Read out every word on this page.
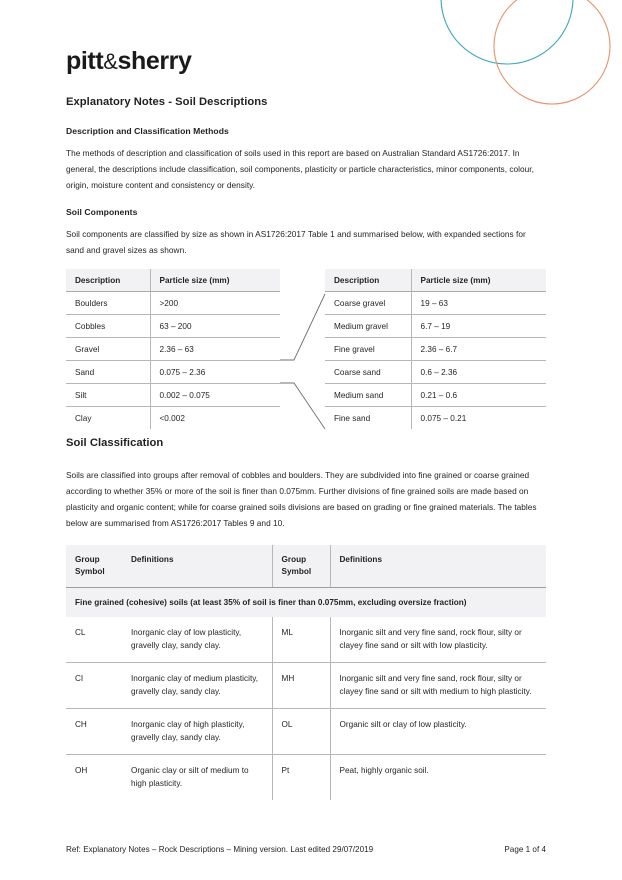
pitt&sherry
Explanatory Notes - Soil Descriptions
Description and Classification Methods

The methods of description and classification of soils used in this report are based on Australian Standard AS1726:2017. In general, the descriptions include classification, soil components, plasticity or particle characteristics, minor components, colour, origin, moisture content and consistency or density.

Soil Components

Soil components are classified by size as shown in AS1726:2017 Table 1 and summarised below, with expanded sections for sand and gravel sizes as shown.

Description	Particle size (mm)
Boulders	>200
Cobbles	63 – 200
Gravel	2.36 – 63
Sand	0.075 – 2.36
Silt	0.002 – 0.075
Clay	<0.002
Description	Particle size (mm)
Coarse gravel	19 – 63
Medium gravel	6.7 – 19
Fine gravel	2.36 – 6.7
Coarse sand	0.6 – 2.36
Medium sand	0.21 – 0.6
Fine sand	0.075 – 0.21
Soil Classification

Soils are classified into groups after removal of cobbles and boulders. They are subdivided into fine grained or coarse grained according to whether 35% or more of the soil is finer than 0.075mm. Further divisions of fine grained soils are made based on plasticity and organic content; while for coarse grained soils divisions are based on grading or fine grained materials. The tables below are summarised from AS1726:2017 Tables 9 and 10.

Fine grained (cohesive) soils (at least 35% of soil is finer than 0.075mm, excluding oversize fraction)			
Group Symbol	Definitions	Group Symbol	Definitions
CL	Inorganic clay of low plasticity, gravelly clay, sandy clay.	ML	Inorganic silt and very fine sand, rock flour, silty or clayey fine sand or silt with low plasticity.
CI	Inorganic clay of medium plasticity, gravelly clay, sandy clay.	MH	Inorganic silt and very fine sand, rock flour, silty or clayey fine sand or silt with medium to high plasticity.
CH	Inorganic clay of high plasticity, gravelly clay, sandy clay.	OL	Organic silt or clay of low plasticity.
OH	Organic clay or silt of medium to high plasticity.	Pt	Peat, highly organic soil.
Ref: Explanatory Notes – Rock Descriptions – Mining version. Last edited 29/07/2019	Page 1 of 4
